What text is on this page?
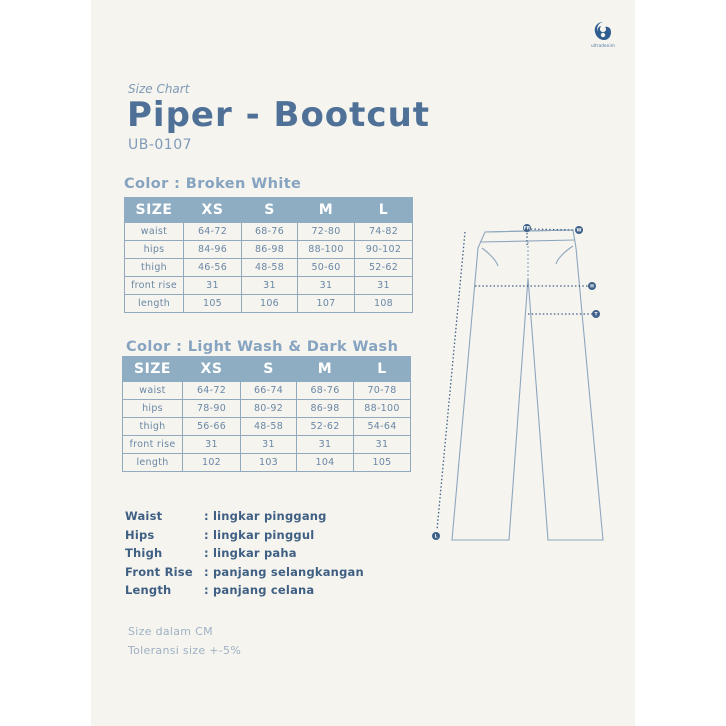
ultradenim
Size Chart
Piper - Bootcut
UB-0107
Color : Broken White
SIZE	XS	S	M	L
waist	64-72	68-76	72-80	74-82
hips	84-96	86-98	88-100	90-102
thigh	46-56	48-58	50-60	52-62
front rise	31	31	31	31
length	105	106	107	108
Color : Light Wash & Dark Wash
SIZE	XS	S	M	L
waist	64-72	66-74	68-76	70-78
hips	78-90	80-92	86-98	88-100
thigh	56-66	48-58	52-62	54-64
front rise	31	31	31	31
length	102	103	104	105
Waist	: lingkar pinggang
Hips	: lingkar pinggul
Thigh	: lingkar paha
Front Rise : panjang selangkangan
Length	: panjang celana
Size dalam CM
Toleransi size +-5%
FR	W
H
T
L
